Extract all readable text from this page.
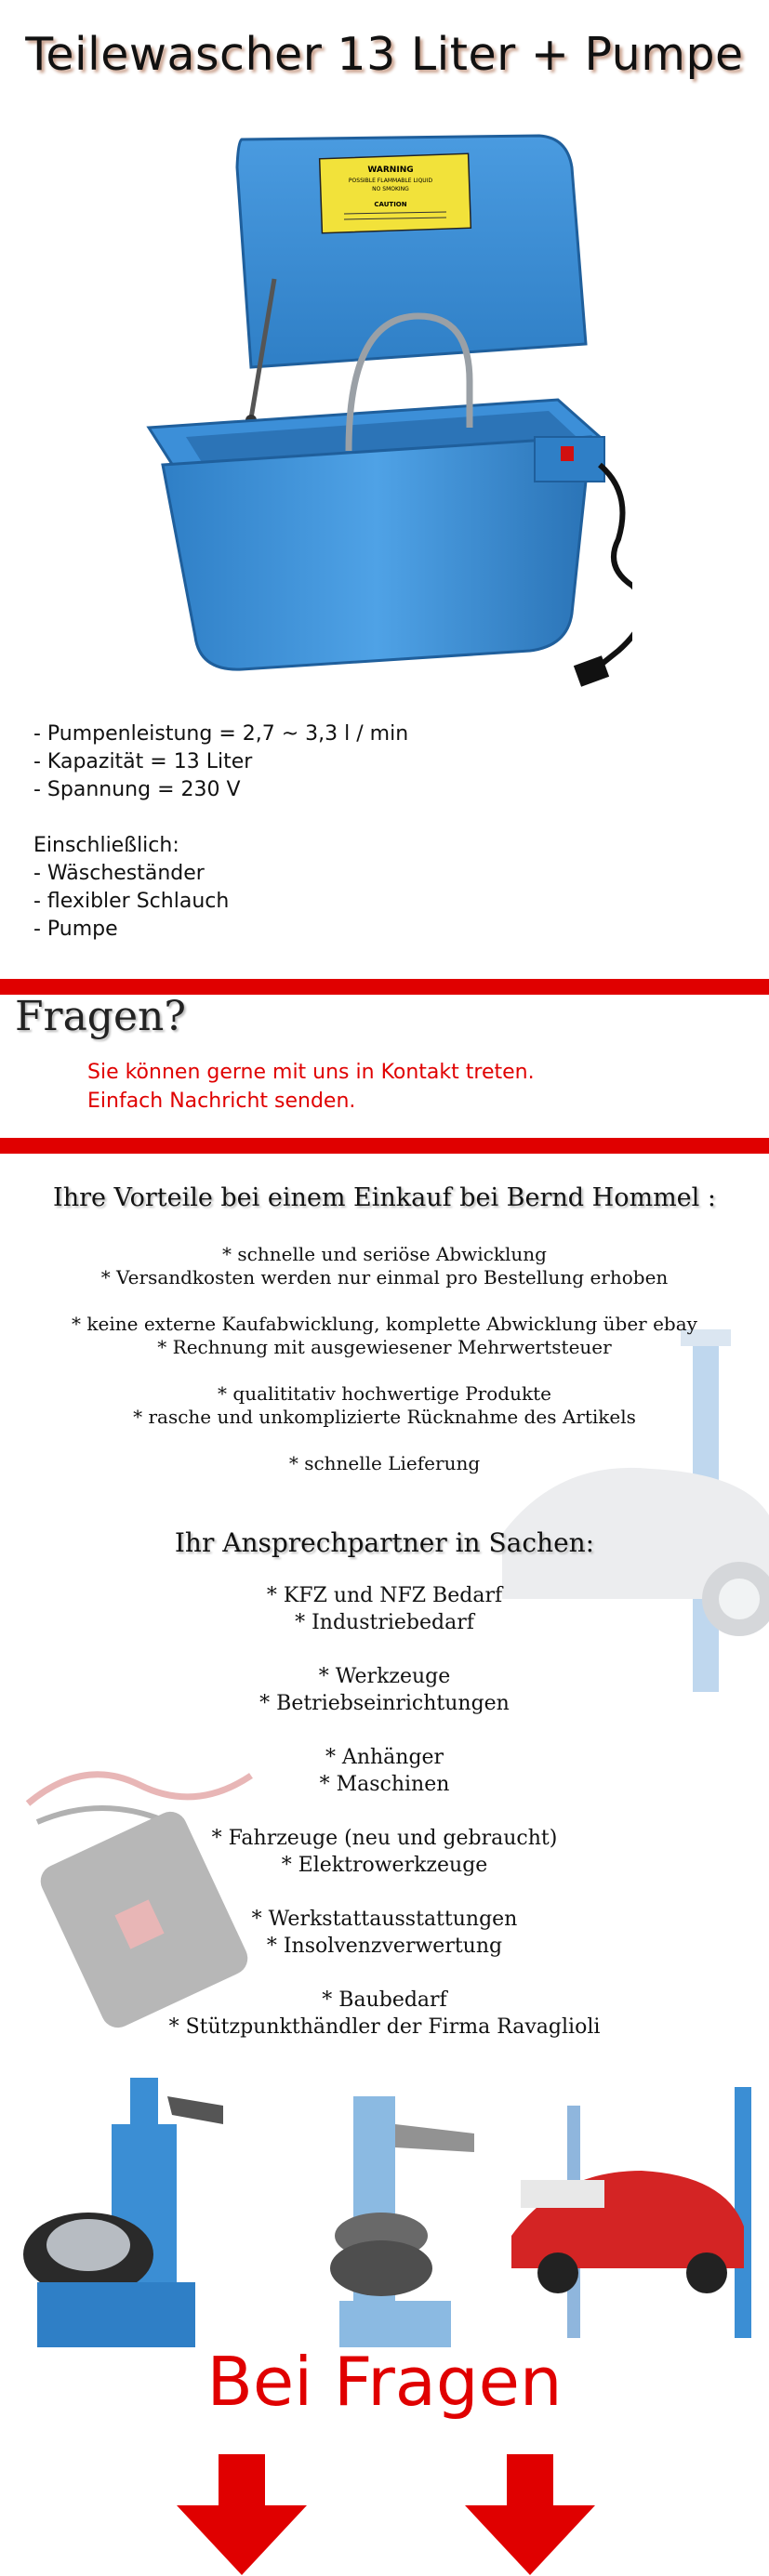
Teilewascher 13 Liter + Pumpe
WARNING
POSSIBLE FLAMMABLE LIQUID
NO SMOKING
CAUTION
- Pumpenleistung = 2,7 ~ 3,3 l / min
- Kapazität = 13 Liter
- Spannung = 230 V
Einschließlich:
- Wäscheständer
- flexibler Schlauch
- Pumpe
Fragen?
Sie können gerne mit uns in Kontakt treten.
Einfach Nachricht senden.
Ihre Vorteile bei einem Einkauf bei Bernd Hommel :
* schnelle und seriöse Abwicklung
* Versandkosten werden nur einmal pro Bestellung erhoben
* keine externe Kaufabwicklung, komplette Abwicklung über ebay
* Rechnung mit ausgewiesener Mehrwertsteuer
* qualititativ hochwertige Produkte
* rasche und unkomplizierte Rücknahme des Artikels
* schnelle Lieferung
Ihr Ansprechpartner in Sachen:
* KFZ und NFZ Bedarf
* Industriebedarf
* Werkzeuge
* Betriebseinrichtungen
* Anhänger
* Maschinen
* Fahrzeuge (neu und gebraucht)
* Elektrowerkzeuge
* Werkstattausstattungen
* Insolvenzverwertung
* Baubedarf
* Stützpunkthändler der Firma Ravaglioli
Bei Fragen
